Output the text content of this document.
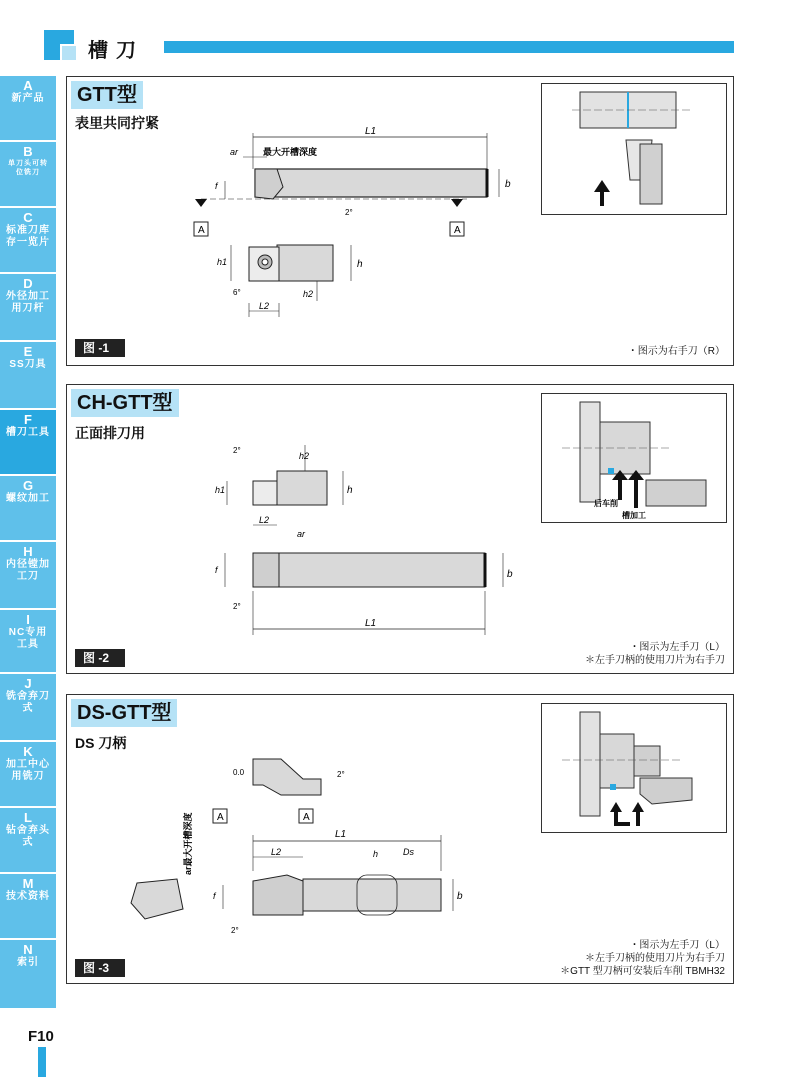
槽刀
A
新产品
B
单刀头可转位铣刀
C
标准刀库存一览片
D
外径加工用刀杆
E
SS刀具
F
槽刀工具
G
螺纹加工
H
内径镗加工刀
I
NC专用工具
J
铣舍弃刀式
K
加工中心用铣刀
L
钻舍弃头式
M
技术资料
N
索引
GTT型
表里共同拧紧
L1
ar	最大开槽深度
f	b
2°
A	A
h1	h
h2
6°
L2
图 -1	・图示为右手刀（R）
CH-GTT型
正面排刀用
2°
h2
h1	h
L2
ar
f	b
2°
L1
后车削
槽加工
图 -2
・图示为左手刀（L）
＊左手刀柄的使用刀片为右手刀
DS-GTT型
DS 刀柄
0.0	2°
A	A
ar最大开槽深度	L1
L2	h	Ds
f	b
2°
图 -3
・图示为左手刀（L）
＊左手刀柄的使用刀片为右手刀
＊GTT 型刀柄可安装后车削 TBMH32
F10
